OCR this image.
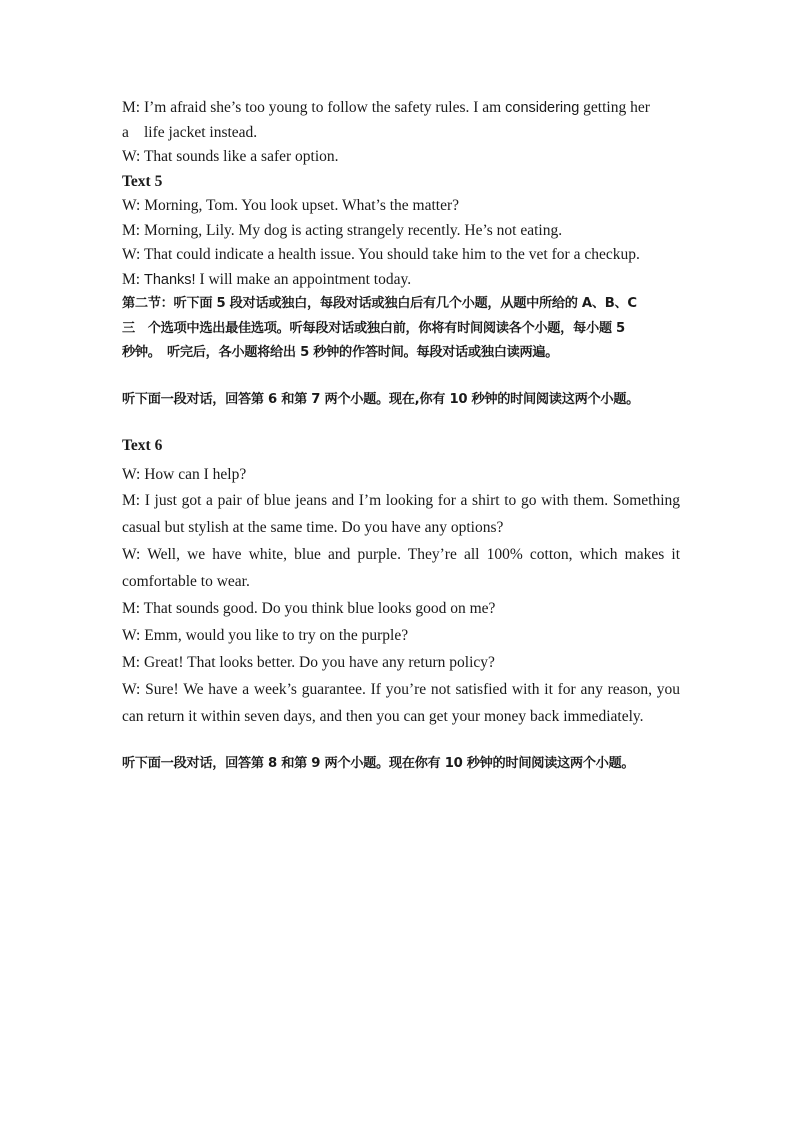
M: I’m afraid she’s too young to follow the safety rules. I am considering getting her

a life jacket instead.

W: That sounds like a safer option.

Text 5

W: Morning, Tom. You look upset. What’s the matter?

M: Morning, Lily. My dog is acting strangely recently. He’s not eating.

W: That could indicate a health issue. You should take him to the vet for a checkup.

M: Thanks! I will make an appointment today.

第二节：听下面 5 段对话或独白，每段对话或独白后有几个小题，从题中所给的 A、B、C

三　个选项中选出最佳选项。听每段对话或独白前，你将有时间阅读各个小题，每小题 5

秒钟。　听完后，各小题将给出 5 秒钟的作答时间。每段对话或独白读两遍。

听下面一段对话，回答第 6 和第 7 两个小题。现在,你有 10 秒钟的时间阅读这两个小题。

Text 6

W: How can I help?

M: I just got a pair of blue jeans and I’m looking for a shirt to go with them. Something casual but stylish at the same time. Do you have any options?

W: Well, we have white, blue and purple. They’re all 100% cotton, which makes it comfortable to wear.

M: That sounds good. Do you think blue looks good on me?

W: Emm, would you like to try on the purple?

M: Great! That looks better. Do you have any return policy?

W: Sure! We have a week’s guarantee. If you’re not satisfied with it for any reason, you can return it within seven days, and then you can get your money back immediately.

听下面一段对话，回答第 8 和第 9 两个小题。现在你有 10 秒钟的时间阅读这两个小题。
